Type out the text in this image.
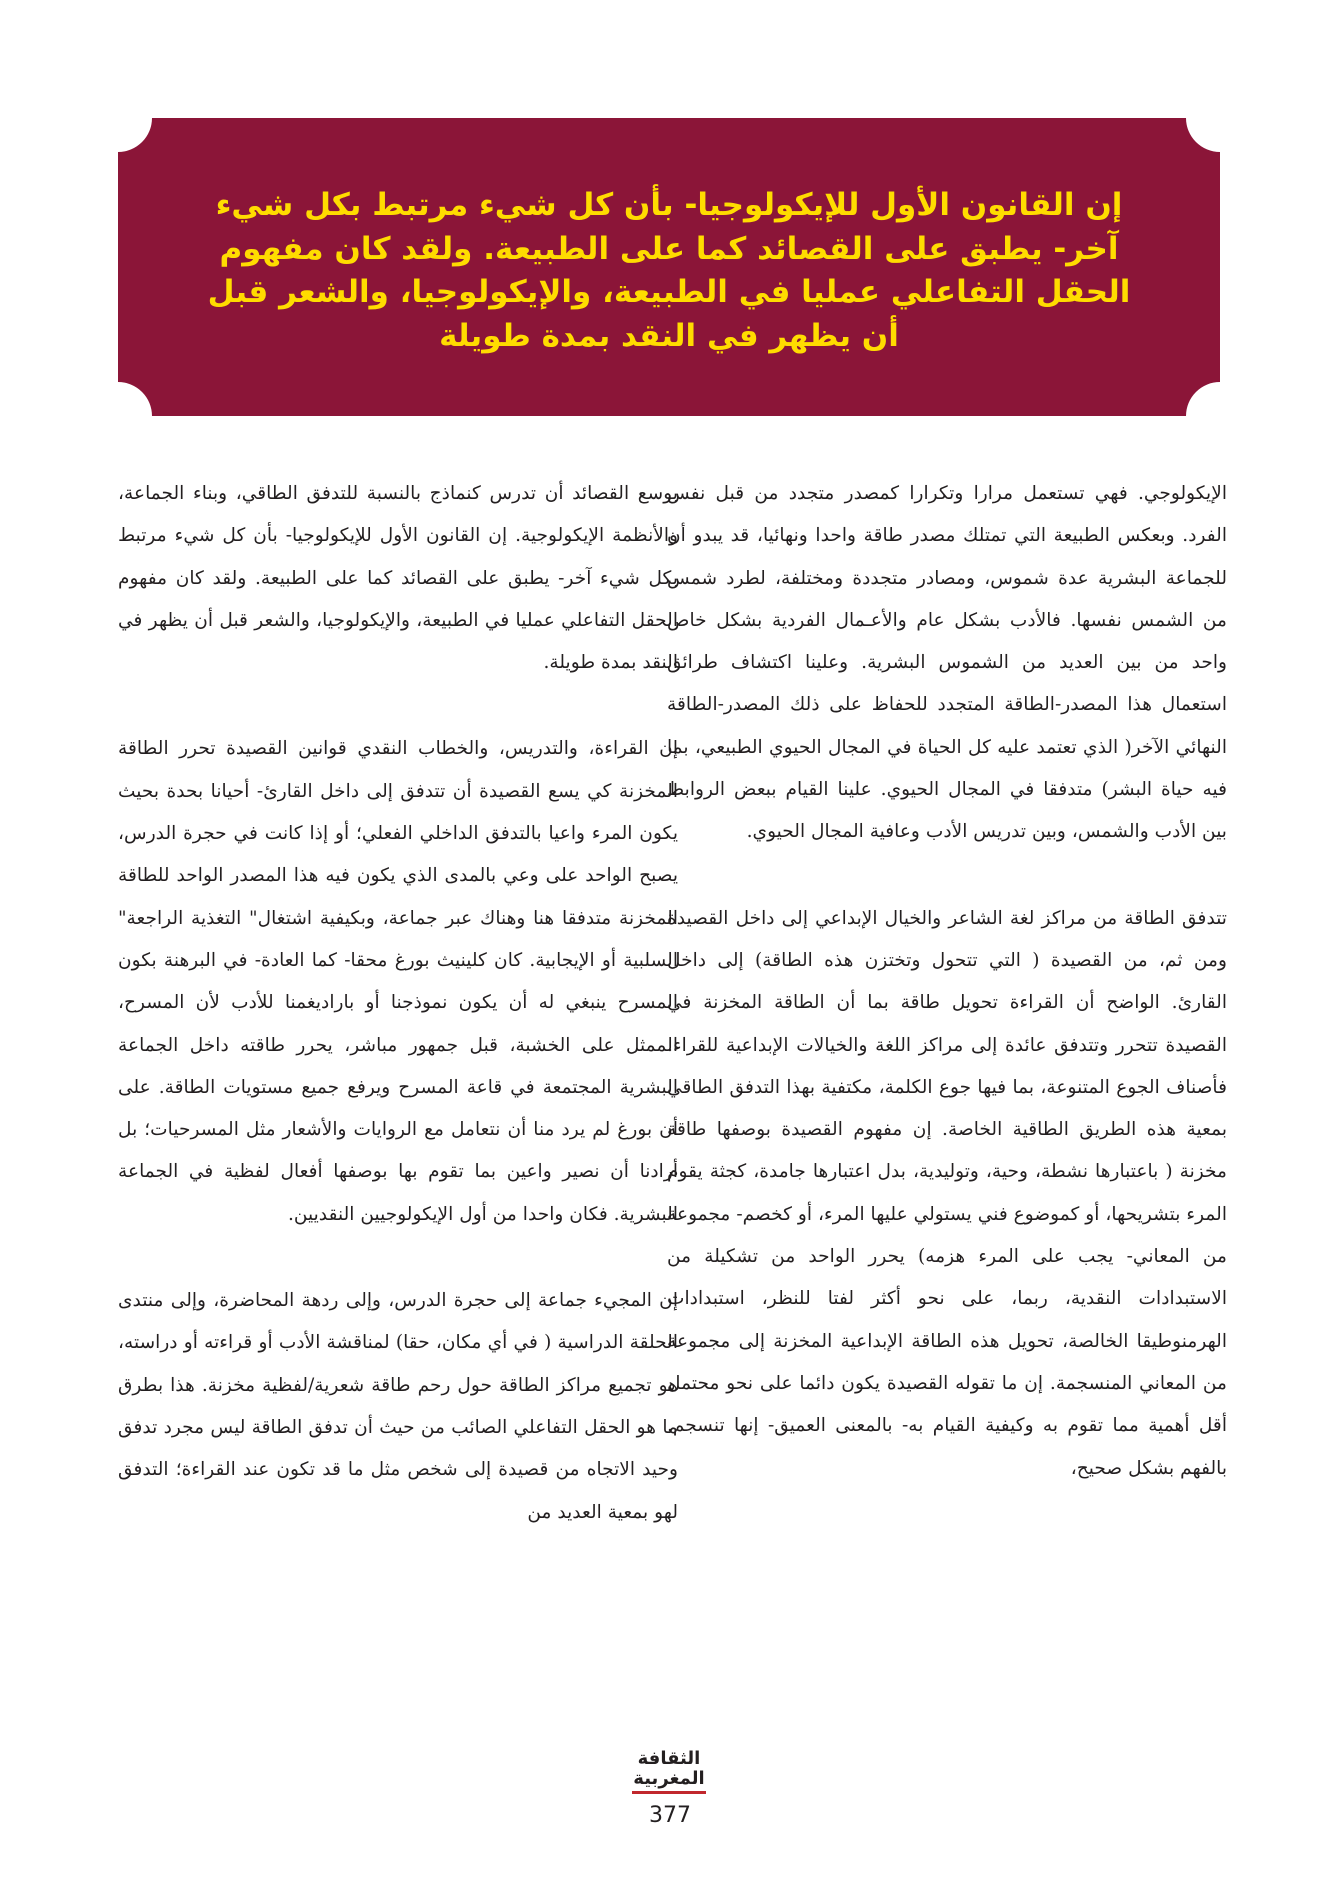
إن القانون الأول للإيكولوجيا- بأن كل شيء مرتبط بكل شيء آخر- يطبق على القصائد كما على الطبيعة. ولقد كان مفهوم الحقل التفاعلي عمليا في الطبيعة، والإيكولوجيا، والشعر قبل أن يظهر في النقد بمدة طويلة

الإيكولوجي. فهي تستعمل مرارا وتكرارا كمصدر متجدد من قبل نفس الفرد. وبعكس الطبيعة التي تمتلك مصدر طاقة واحدا ونهائيا، قد يبدو أن للجماعة البشرية عدة شموس، ومصادر متجددة ومختلفة، لطرد شمس من الشمس نفسها. فالأدب بشكل عام والأعـمال الفردية بشكل خاص واحد من بين العديد من الشموس البشرية. وعلينا اكتشاف طرائق استعمال هذا المصدر-الطاقة المتجدد للحفاظ على ذلك المصدر-الطاقة النهائي الآخر( الذي تعتمد عليه كل الحياة في المجال الحيوي الطبيعي، بما فيه حياة البشر) متدفقا في المجال الحيوي. علينا القيام ببعض الروابط بين الأدب والشمس، وبين تدريس الأدب وعافية المجال الحيوي.

تتدفق الطاقة من مراكز لغة الشاعر والخيال الإبداعي إلى داخل القصيدة ومن ثم، من القصيدة ( التي تتحول وتختزن هذه الطاقة) إلى داخل القارئ. الواضح أن القراءة تحويل طاقة بما أن الطاقة المخزنة في القصيدة تتحرر وتتدفق عائدة إلى مراكز اللغة والخيالات الإبداعية للقراء. فأصناف الجوع المتنوعة، بما فيها جوع الكلمة، مكتفية بهذا التدفق الطاقي بمعية هذه الطريق الطاقية الخاصة. إن مفهوم القصيدة بوصفها طاقة مخزنة ( باعتبارها نشطة، وحية، وتوليدية، بدل اعتبارها جامدة، كجثة يقوم المرء بتشريحها، أو كموضوع فني يستولي عليها المرء، أو كخصم- مجموعة من المعاني- يجب على المرء هزمه) يحرر الواحد من تشكيلة من الاستبدادات النقدية، ربما، على نحو أكثر لفتا للنظر، استبدادات الهرمنوطيقا الخالصة، تحويل هذه الطاقة الإبداعية المخزنة إلى مجموعة من المعاني المنسجمة. إن ما تقوله القصيدة يكون دائما على نحو محتمل أقل أهمية مما تقوم به وكيفية القيام به- بالمعنى العميق- إنها تنسجم. بالفهم بشكل صحيح،

بوسع القصائد أن تدرس كنماذج بالنسبة للتدفق الطاقي، وبناء الجماعة، والأنظمة الإيكولوجية. إن القانون الأول للإيكولوجيا- بأن كل شيء مرتبط بكل شيء آخر- يطبق على القصائد كما على الطبيعة. ولقد كان مفهوم الحقل التفاعلي عمليا في الطبيعة، والإيكولوجيا، والشعر قبل أن يظهر في النقد بمدة طويلة.

إن القراءة، والتدريس، والخطاب النقدي قوانين القصيدة تحرر الطاقة المخزنة كي يسع القصيدة أن تتدفق إلى داخل القارئ- أحيانا بحدة بحيث يكون المرء واعيا بالتدفق الداخلي الفعلي؛ أو إذا كانت في حجرة الدرس، يصبح الواحد على وعي بالمدى الذي يكون فيه هذا المصدر الواحد للطاقة المخزنة متدفقا هنا وهناك عبر جماعة، وبكيفية اشتغال" التغذية الراجعة" السلبية أو الإيجابية. كان كلينيث بورغ محقا- كما العادة- في البرهنة بكون المسرح ينبغي له أن يكون نموذجنا أو باراديغمنا للأدب لأن المسرح، الممثل على الخشبة، قبل جمهور مباشر، يحرر طاقته داخل الجماعة البشرية المجتمعة في قاعة المسرح ويرفع جميع مستويات الطاقة. على أن بورغ لم يرد منا أن نتعامل مع الروايات والأشعار مثل المسرحيات؛ بل أرادنا أن نصير واعين بما تقوم بها بوصفها أفعال لفظية في الجماعة البشرية. فكان واحدا من أول الإيكولوجيين النقديين.

إن المجيء جماعة إلى حجرة الدرس، وإلى ردهة المحاضرة، وإلى منتدى الحلقة الدراسية ( في أي مكان، حقا) لمناقشة الأدب أو قراءته أو دراسته، هو تجميع مراكز الطاقة حول رحم طاقة شعرية/لفظية مخزنة. هذا بطرق ما هو الحقل التفاعلي الصائب من حيث أن تدفق الطاقة ليس مجرد تدفق وحيد الاتجاه من قصيدة إلى شخص مثل ما قد تكون عند القراءة؛ التدفق لهو بمعية العديد من

الثقافة
المغربية
377
